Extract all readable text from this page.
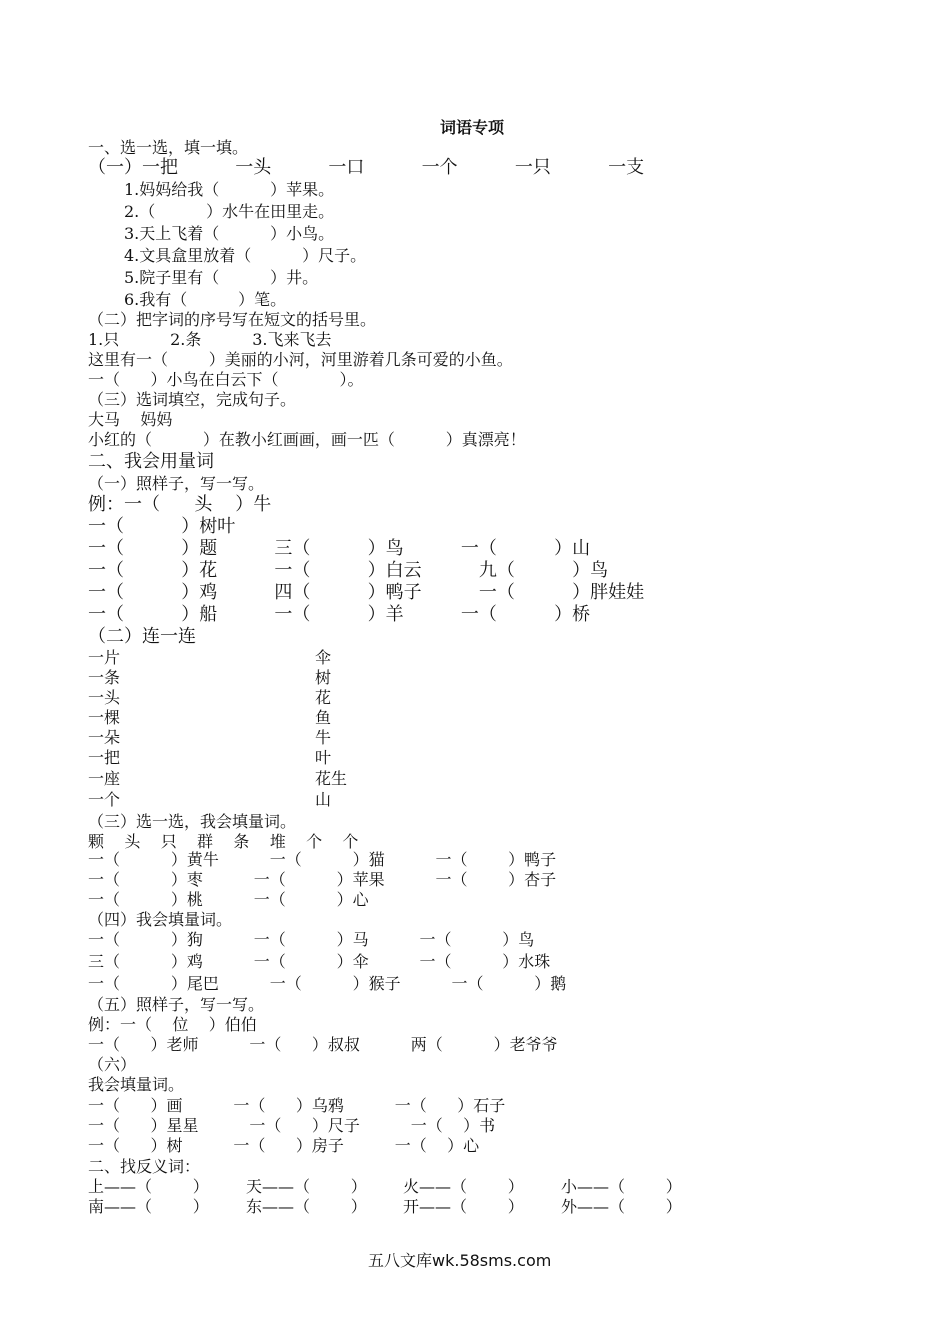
词语专项
一、选一选，填一填。
（一）一把          一头          一口          一个          一只          一支
1.妈妈给我（          ）苹果。
2.（          ）水牛在田里走。
3.天上飞着（          ）小鸟。
4.文具盒里放着（          ）尺子。
5.院子里有（          ）井。
6.我有（          ）笔。
（二）把字词的序号写在短文的括号里。
1.只          2.条          3.飞来飞去
这里有一（        ）美丽的小河，河里游着几条可爱的小鱼。
一（      ）小鸟在白云下（            ）。
（三）选词填空，完成句子。
大马    妈妈
小红的（          ）在教小红画画，画一匹（          ）真漂亮！
二、我会用量词
（一）照样子，写一写。
例：一（      头    ）牛
一（          ）树叶
一（          ）题          三（          ）鸟          一（          ）山
一（          ）花          一（          ）白云          九（          ）鸟
一（          ）鸡          四（          ）鸭子          一（          ）胖娃娃
一（          ）船          一（          ）羊          一（          ）桥
（二）连一连
（三）选一选，我会填量词。
颗    头    只    群    条    堆    个    个
一（          ）黄牛          一（          ）猫          一（        ）鸭子
一（          ）枣          一（          ）苹果          一（        ）杏子
一（          ）桃          一（          ）心
（四）我会填量词。
一（          ）狗          一（          ）马          一（          ）鸟
三（          ）鸡          一（          ）伞          一（          ）水珠
一（          ）尾巴          一（          ）猴子          一（          ）鹅
（五）照样子，写一写。
例：一（    位    ）伯伯
一（      ）老师          一（      ）叔叔          两（          ）老爷爷
（六）
我会填量词。
一（      ）画          一（      ）乌鸦          一（      ）石子
一（      ）星星          一（      ）尺子          一（    ）书
一（      ）树          一（      ）房子          一（    ）心
二、找反义词：
上——（        ） 天——（        ） 火——（        ） 小——（        ）
南——（        ） 东——（        ） 开——（        ） 外——（        ）
一片
一条
一头
一棵
一朵
一把
一座
一个
伞
树
花
鱼
牛
叶
花生
山
五八文库wk.58sms.com
